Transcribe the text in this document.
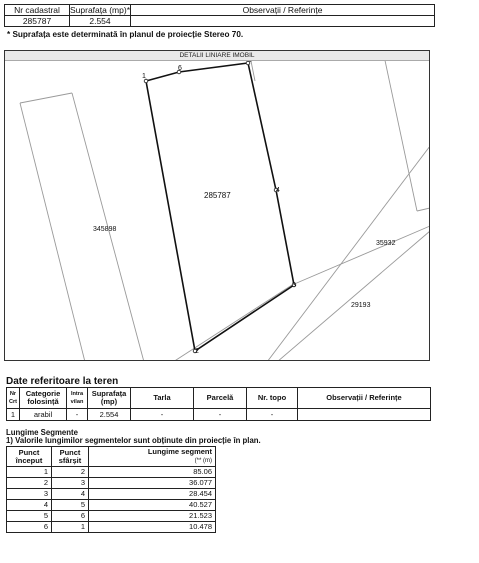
Nr cadastral	Suprafața (mp)*	Observații / Referințe
285787	2.554	
* Suprafața este determinată în planul de proiecție Stereo 70.
1
6
4
3
2
285787
345898
35932
29193
DETALII LINIARE IMOBIL
Date referitoare la teren
Nr Crt	Categorie folosință	Intra vilan	Suprafața (mp)	Tarla	Parcelă	Nr. topo	Observații / Referințe
1	arabil	-	2.554	-	-	-	
Lungime Segmente
1) Valorile lungimilor segmentelor sunt obținute din proiecție în plan.
Punct început	Punct sfârșit	Lungime segment
(** (m)
1	2	85.06
2	3	36.077
3	4	28.454
4	5	40.527
5	6	21.523
6	1	10.478
